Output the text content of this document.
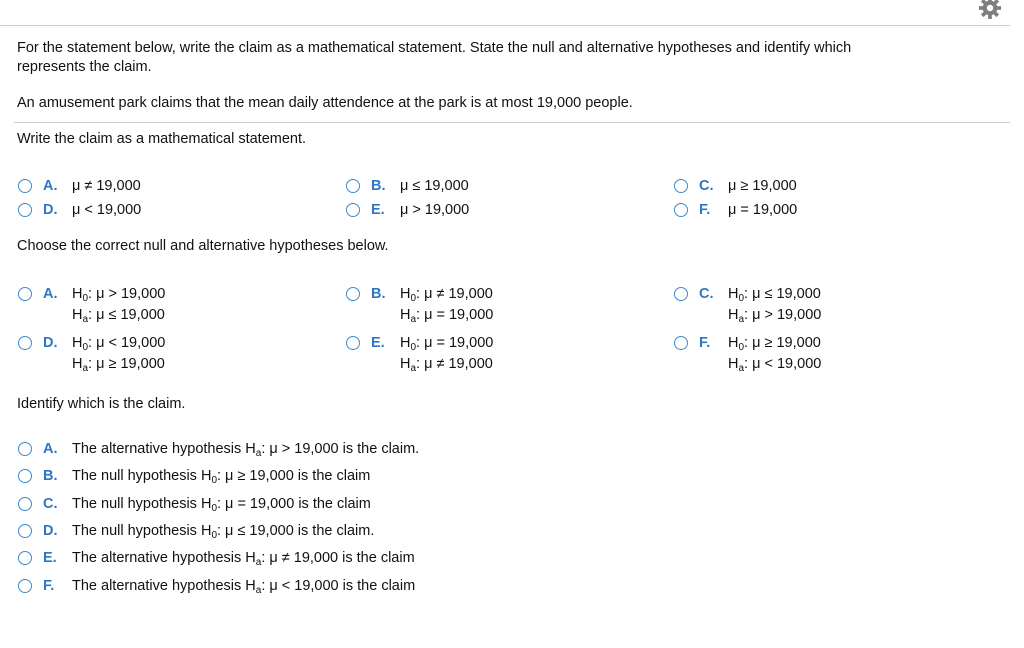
For the statement below, write the claim as a mathematical statement. State the null and alternative hypotheses and identify which
represents the claim.
An amusement park claims that the mean daily attendence at the park is at most 19,000 people.
Write the claim as a mathematical statement.
A. μ ≠ 19,000	B. μ ≤ 19,000	C. μ ≥ 19,000
D. μ < 19,000	E. μ > 19,000	F. μ = 19,000
Choose the correct null and alternative hypotheses below.
A. $H_0$: μ > 19,000
$H_a$: μ ≤ 19,000
B. $H_0$: μ ≠ 19,000
$H_a$: μ = 19,000
C. $H_0$: μ ≤ 19,000
$H_a$: μ > 19,000
D. $H_0$: μ < 19,000
$H_a$: μ ≥ 19,000
E. $H_0$: μ = 19,000
$H_a$: μ ≠ 19,000
F. $H_0$: μ ≥ 19,000
$H_a$: μ < 19,000
Identify which is the claim.
A. The alternative hypothesis $H_a$: μ > 19,000 is the claim.
B. The null hypothesis $H_0$: μ ≥ 19,000 is the claim
C. The null hypothesis $H_0$: μ = 19,000 is the claim
D. The null hypothesis $H_0$: μ ≤ 19,000 is the claim.
E. The alternative hypothesis $H_a$: μ ≠ 19,000 is the claim
F. The alternative hypothesis $H_a$: μ < 19,000 is the claim
